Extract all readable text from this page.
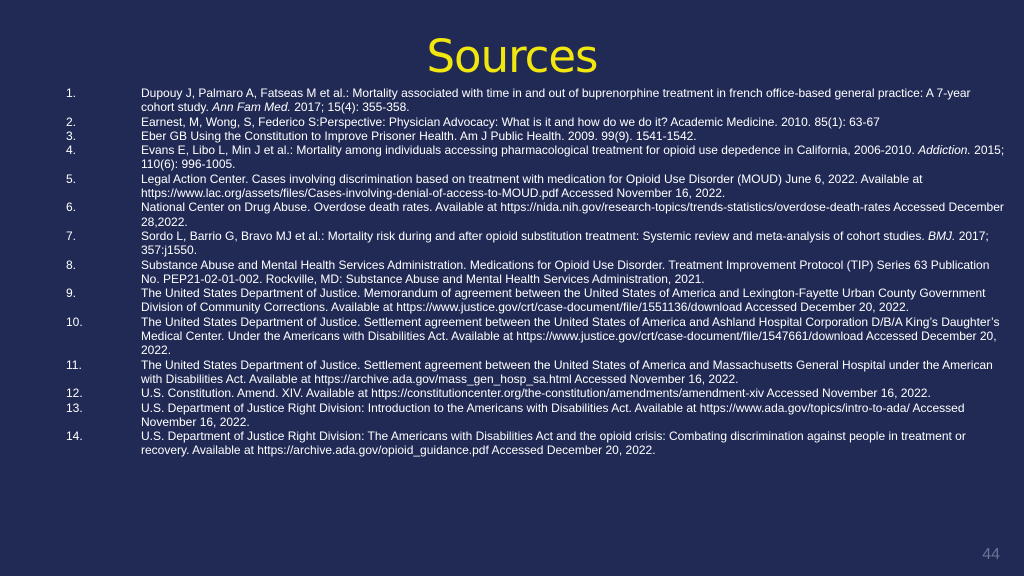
Sources
1.	Dupouy J, Palmaro A, Fatseas M et al.: Mortality associated with time in and out of buprenorphine treatment in french office-based general practice: A 7-year cohort study. Ann Fam Med. 2017; 15(4): 355-358.
2.	Earnest, M, Wong, S, Federico S:Perspective: Physician Advocacy: What is it and how do we do it? Academic Medicine. 2010. 85(1): 63-67
3.	Eber GB Using the Constitution to Improve Prisoner Health. Am J Public Health. 2009. 99(9). 1541-1542.
4.	Evans E, Libo L, Min J et al.: Mortality among individuals accessing pharmacological treatment for opioid use depedence in California, 2006-2010. Addiction. 2015; 110(6): 996-1005.
5.	Legal Action Center. Cases involving discrimination based on treatment with medication for Opioid Use Disorder (MOUD) June 6, 2022. Available at https://www.lac.org/assets/files/Cases-involving-denial-of-access-to-MOUD.pdf Accessed November 16, 2022.
6.	National Center on Drug Abuse. Overdose death rates. Available at https://nida.nih.gov/research-topics/trends-statistics/overdose-death-rates Accessed December 28,2022.
7.	Sordo L, Barrio G, Bravo MJ et al.: Mortality risk during and after opioid substitution treatment: Systemic review and meta-analysis of cohort studies. BMJ. 2017; 357:j1550.
8.	Substance Abuse and Mental Health Services Administration. Medications for Opioid Use Disorder. Treatment Improvement Protocol (TIP) Series 63 Publication No. PEP21-02-01-002. Rockville, MD: Substance Abuse and Mental Health Services Administration, 2021.
9.	The United States Department of Justice. Memorandum of agreement between the United States of America and Lexington-Fayette Urban County Government Division of Community Corrections. Available at https://www.justice.gov/crt/case-document/file/1551136/download Accessed December 20, 2022.
10.	The United States Department of Justice. Settlement agreement between the United States of America and Ashland Hospital Corporation D/B/A King’s Daughter’s Medical Center. Under the Americans with Disabilities Act. Available at https://www.justice.gov/crt/case-document/file/1547661/download Accessed December 20, 2022.
11.	The United States Department of Justice. Settlement agreement between the United States of America and Massachusetts General Hospital under the American with Disabilities Act. Available at https://archive.ada.gov/mass_gen_hosp_sa.html Accessed November 16, 2022.
12.	U.S. Constitution. Amend. XIV. Available at https://constitutioncenter.org/the-constitution/amendments/amendment-xiv Accessed November 16, 2022.
13.	U.S. Department of Justice Right Division: Introduction to the Americans with Disabilities Act. Available at https://www.ada.gov/topics/intro-to-ada/ Accessed November 16, 2022.
14.	U.S. Department of Justice Right Division: The Americans with Disabilities Act and the opioid crisis: Combating discrimination against people in treatment or recovery. Available at https://archive.ada.gov/opioid_guidance.pdf Accessed December 20, 2022.
44
